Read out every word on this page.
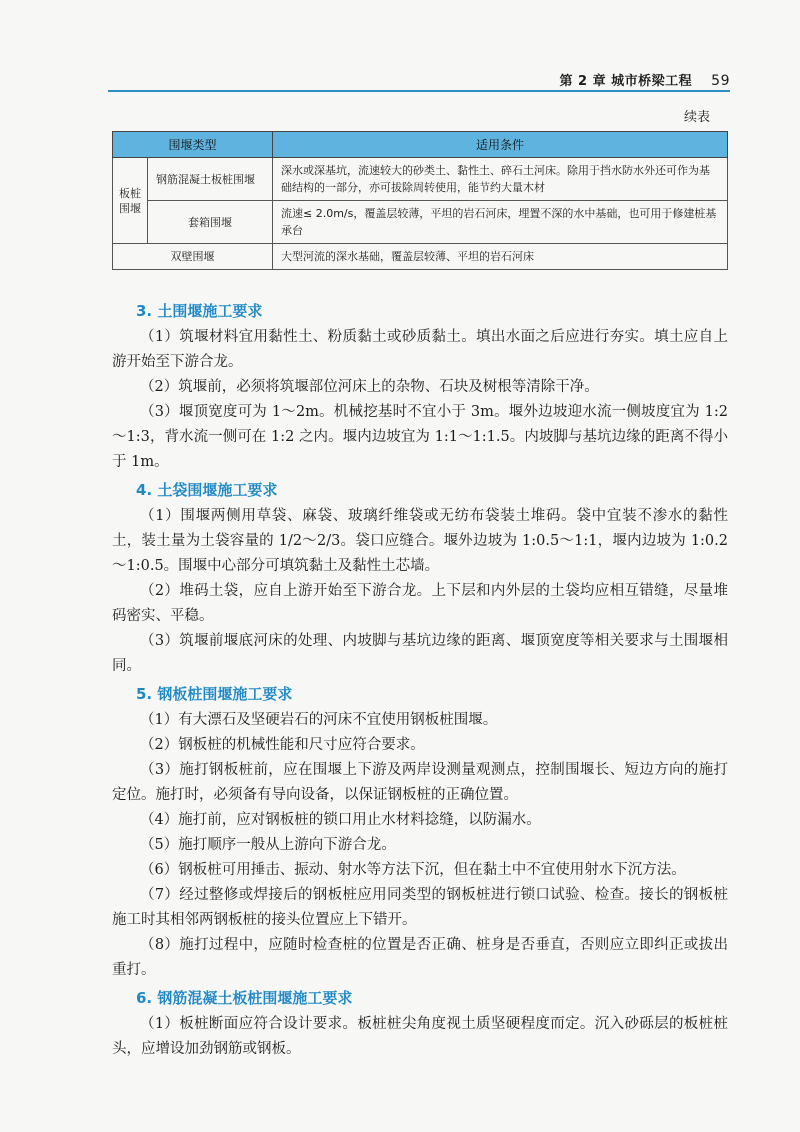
第 2 章 城市桥梁工程 59
续表
围堰类型		适用条件
板桩围堰	钢筋混凝土板桩围堰	深水或深基坑，流速较大的砂类土、黏性土、碎石土河床。除用于挡水防水外还可作为基础结构的一部分，亦可拔除周转使用，能节约大量木材
	套箱围堰	流速≤ 2.0m/s，覆盖层较薄，平坦的岩石河床，埋置不深的水中基础，也可用于修建桩基承台
双壁围堰		大型河流的深水基础，覆盖层较薄、平坦的岩石河床
3. 土围堰施工要求

（1）筑堰材料宜用黏性土、粉质黏土或砂质黏土。填出水面之后应进行夯实。填土应自上游开始至下游合龙。

（2）筑堰前，必须将筑堰部位河床上的杂物、石块及树根等清除干净。

（3）堰顶宽度可为 1～2m。机械挖基时不宜小于 3m。堰外边坡迎水流一侧坡度宜为 1:2～1:3，背水流一侧可在 1:2 之内。堰内边坡宜为 1:1～1:1.5。内坡脚与基坑边缘的距离不得小于 1m。

4. 土袋围堰施工要求

（1）围堰两侧用草袋、麻袋、玻璃纤维袋或无纺布袋装土堆码。袋中宜装不渗水的黏性土，装土量为土袋容量的 1/2～2/3。袋口应缝合。堰外边坡为 1:0.5～1:1，堰内边坡为 1:0.2～1:0.5。围堰中心部分可填筑黏土及黏性土芯墙。

（2）堆码土袋，应自上游开始至下游合龙。上下层和内外层的土袋均应相互错缝，尽量堆码密实、平稳。

（3）筑堰前堰底河床的处理、内坡脚与基坑边缘的距离、堰顶宽度等相关要求与土围堰相同。

5. 钢板桩围堰施工要求

（1）有大漂石及坚硬岩石的河床不宜使用钢板桩围堰。

（2）钢板桩的机械性能和尺寸应符合要求。

（3）施打钢板桩前，应在围堰上下游及两岸设测量观测点，控制围堰长、短边方向的施打定位。施打时，必须备有导向设备，以保证钢板桩的正确位置。

（4）施打前，应对钢板桩的锁口用止水材料捻缝，以防漏水。

（5）施打顺序一般从上游向下游合龙。

（6）钢板桩可用捶击、振动、射水等方法下沉，但在黏土中不宜使用射水下沉方法。

（7）经过整修或焊接后的钢板桩应用同类型的钢板桩进行锁口试验、检查。接长的钢板桩施工时其相邻两钢板桩的接头位置应上下错开。

（8）施打过程中，应随时检查桩的位置是否正确、桩身是否垂直，否则应立即纠正或拔出重打。

6. 钢筋混凝土板桩围堰施工要求

（1）板桩断面应符合设计要求。板桩桩尖角度视土质坚硬程度而定。沉入砂砾层的板桩桩头，应增设加劲钢筋或钢板。
